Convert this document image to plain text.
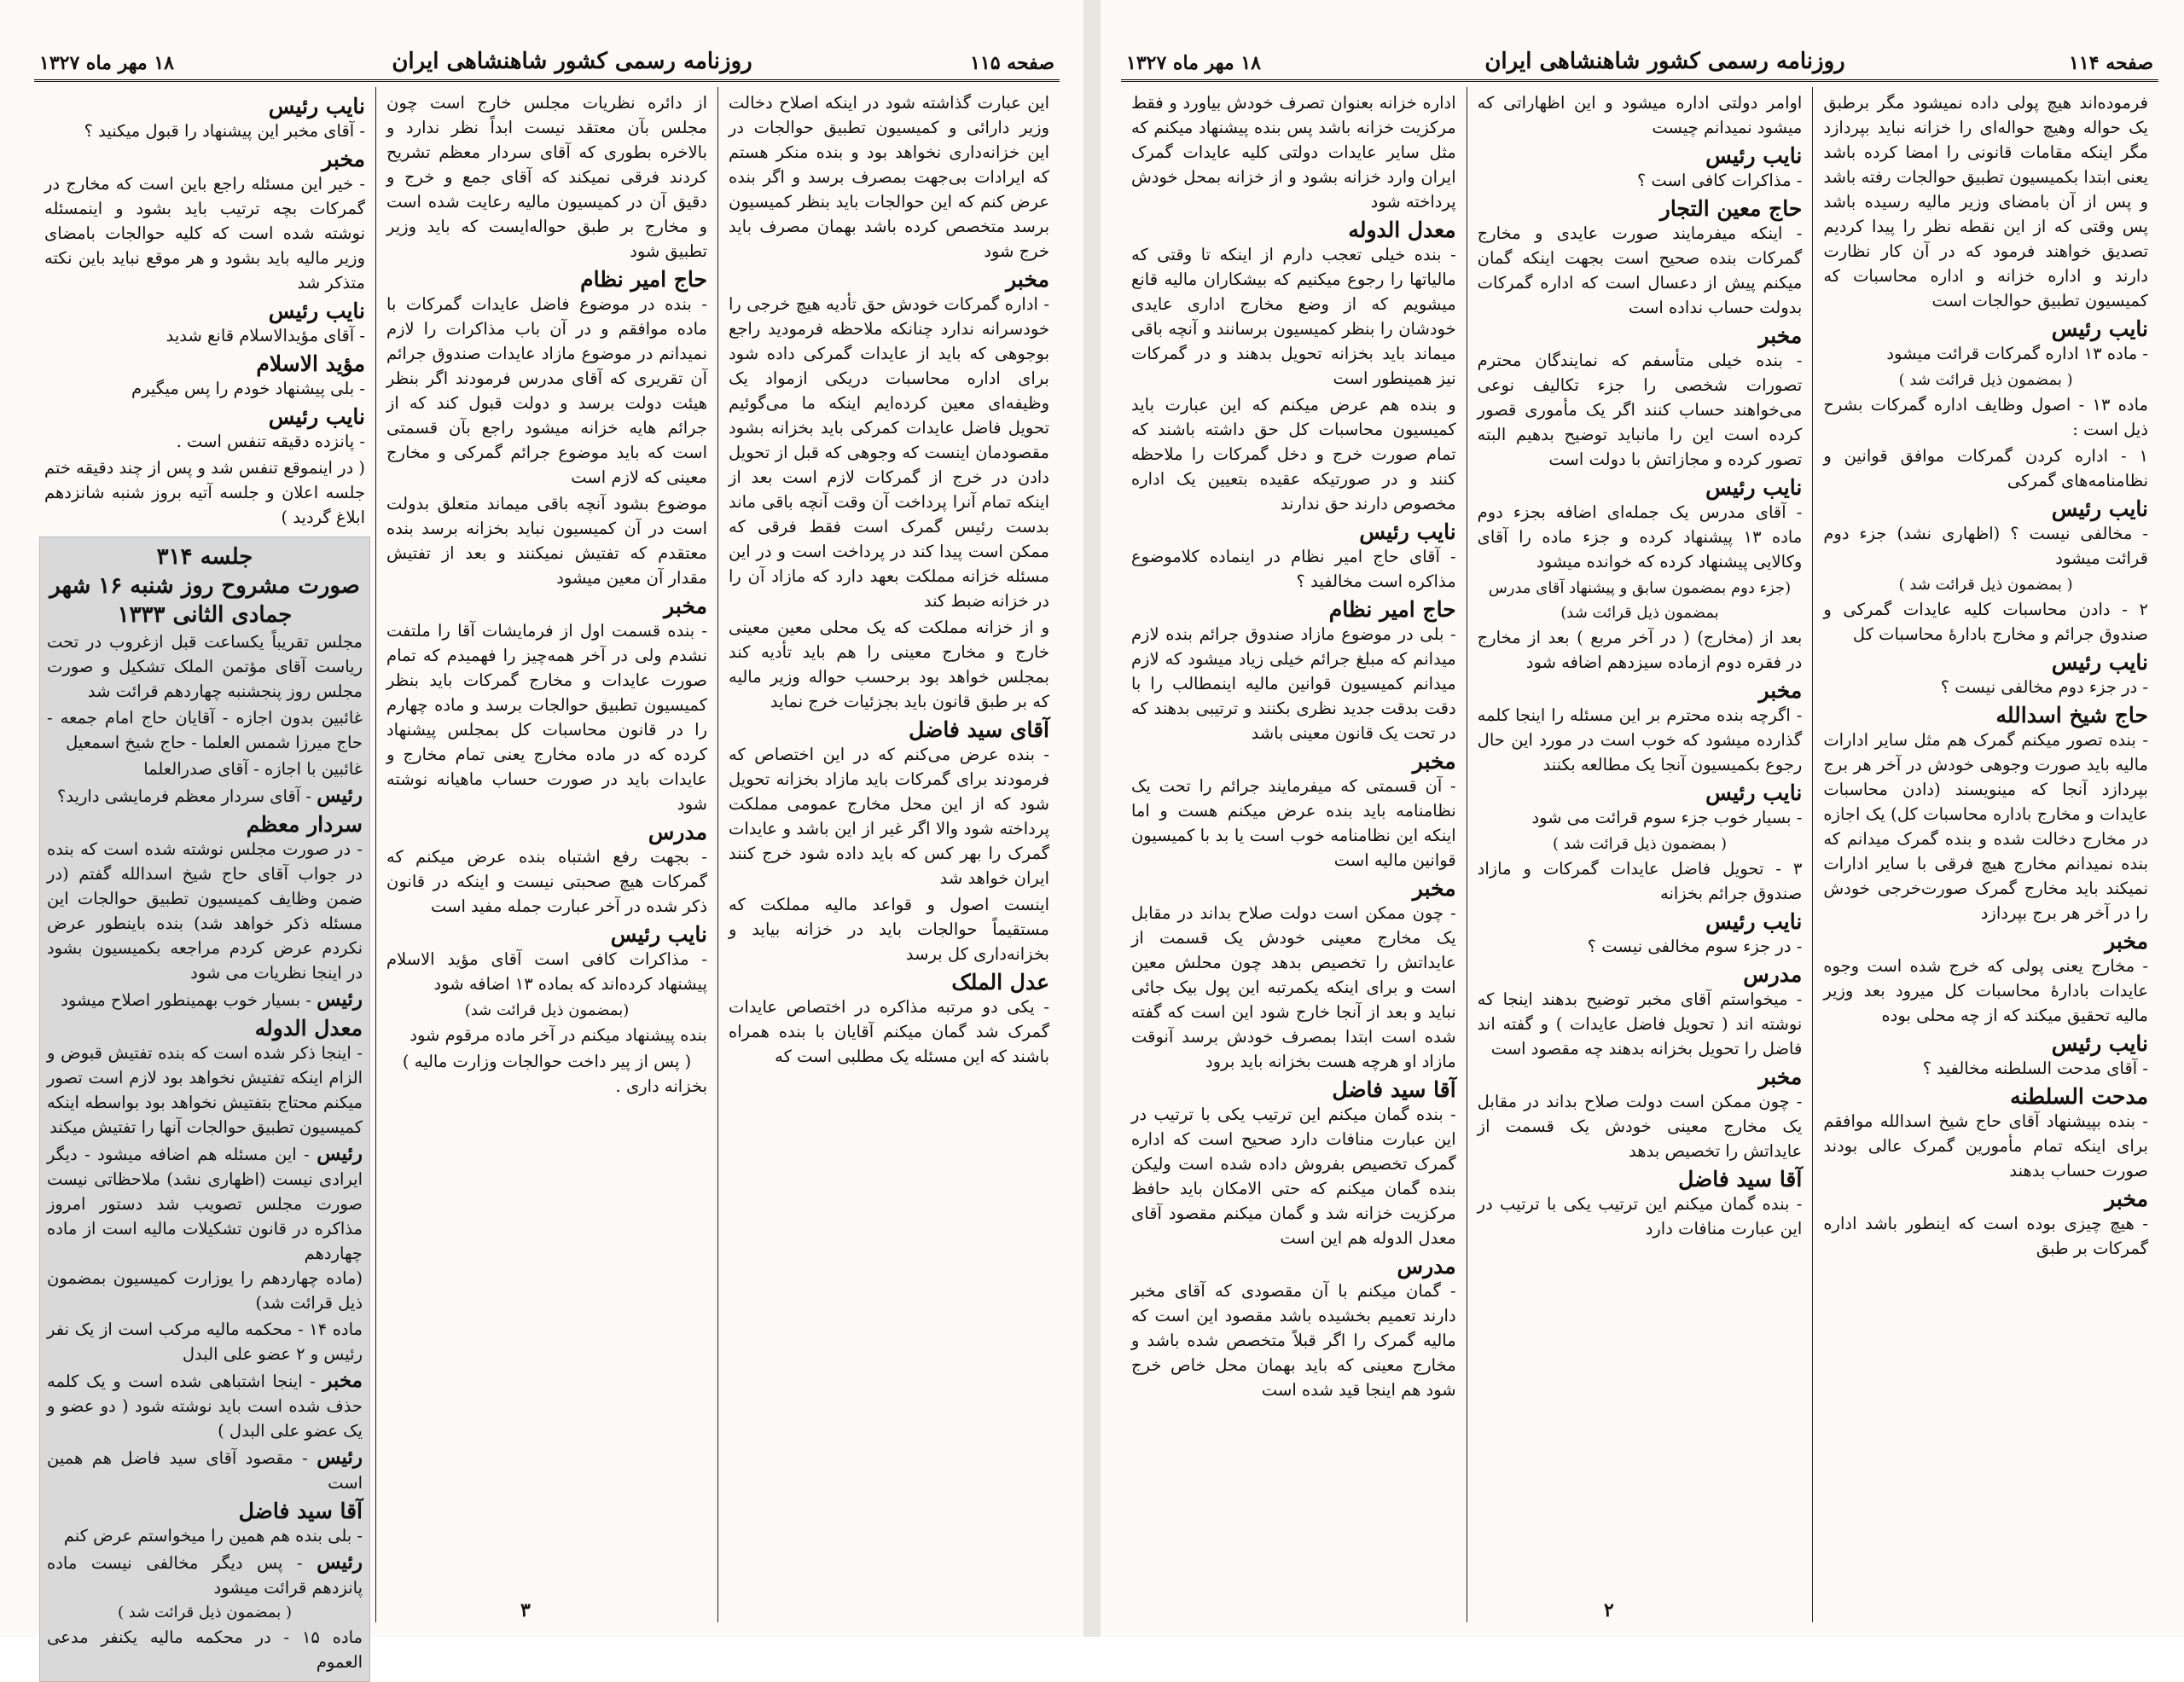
صفحه ۱۱۵
روزنامه رسمی کشور شاهنشاهی ایران
۱۸ مهر ماه ۱۳۲۷

این عبارت گذاشته شود در اینکه اصلاح دخالت وزیر دارائی و کمیسیون تطبیق حوالجات در این خزانه‌داری نخواهد بود و بنده منکر هستم که ایرادات بی‌جهت بمصرف برسد و اگر بنده عرض کنم که این حوالجات باید بنظر کمیسیون برسد متخصص کرده باشد بهمان مصرف باید خرج شود

مخبر

- اداره گمرکات خودش حق تأدیه هیچ خرجی را خودسرانه ندارد چنانکه ملاحظه فرمودید راجع بوجوهی که باید از عایدات گمرکی داده شود برای اداره محاسبات دریکی ازمواد یک وظیفه‌ای معین کرده‌ایم اینکه ما می‌گوئیم تحویل فاضل عایدات کمرکی باید بخزانه بشود مقصودمان اینست که وجوهی که قبل از تحویل دادن در خرج از گمرکات لازم است بعد از اینکه تمام آنرا پرداخت آن‌ وقت آنچه باقی ماند بدست رئیس گمرک است فقط فرقی که ممکن است پیدا کند در پرداخت است و در این مسئله خزانه مملکت بعهد دارد که مازاد آن را در خزانه ضبط کند

و از خزانه مملکت که یک محلی معین معینی خارج و مخارج معینی را هم باید تأدیه کند بمجلس خواهد بود برحسب حواله وزیر مالیه که بر طبق قانون باید بجزئیات خرج نماید

آقای سید فاضل

- بنده عرض می‌کنم که در این اختصاص که فرمودند برای گمرکات باید مازاد بخزانه تحویل شود که از این محل مخارج عمومی مملکت پرداخته شود والا اگر غیر از این باشد و عایدات گمرک را بهر کس که باید داده شود خرج کنند ایران خواهد شد

اینست اصول و قواعد مالیه مملکت که مستقیماً حوالجات باید در خزانه بیاید و بخزانه‌داری کل برسد

عدل الملک

- یکی دو مرتبه مذاکره در اختصاص عایدات گمرک شد گمان میکنم آقایان با بنده همراه باشند که این مسئله یک مطلبی است که

از دائره نظریات مجلس خارج است چون مجلس بآن معتقد نیست ابداً نظر ندارد و بالاخره بطوری که آقای سردار معظم تشریح کردند فرقی نمیکند که آقای جمع و خرج و دقیق آن در کمیسیون مالیه رعایت شده است و مخارج بر طبق حواله‌ایست که باید وزیر تطبیق شود

حاج امیر نظام

- بنده در موضوع فاضل عایدات گمرکات با ماده موافقم و در آن باب مذاکرات را لازم نمیدانم در موضوع مازاد عایدات صندوق جرائم آن تقریری که آقای مدرس فرمودند اگر بنظر هیئت دولت برسد و دولت قبول کند که از جرائم هایه خزانه میشود راجع بآن قسمتی است که باید موضوع جرائم گمرکی و مخارج معینی که لازم است

موضوع بشود آنچه باقی میماند متعلق بدولت است در آن کمیسیون نباید بخزانه برسد بنده معتقدم که تفتیش نمیکنند و بعد از تفتیش مقدار آن معین میشود

مخبر

- بنده قسمت اول از فرمایشات آقا را ملتفت نشدم ولی در آخر همه‌چیز را فهمیدم که تمام صورت عایدات و مخارج گمرکات باید بنظر کمیسیون تطبیق حوالجات برسد و ماده چهارم را در قانون محاسبات کل بمجلس پیشنهاد کرده که در ماده مخارج یعنی تمام مخارج و عایدات باید در صورت حساب ماهیانه نوشته شود

مدرس

- بجهت رفع اشتباه بنده عرض میکنم که گمرکات هیچ صحبتی نیست و اینکه در قانون ذکر شده در آخر عبارت جمله مفید است

نایب رئیس

- مذاکرات کافی است آقای مؤید الاسلام پیشنهاد کرده‌اند که بماده ۱۳ اضافه شود

(بمضمون ذیل قرائت شد)

بنده پیشنهاد میکنم در آخر ماده مرقوم شود

( پس از پیر داخت حوالجات وزارت مالیه )

بخزانه داری .

نایب رئیس

- آقای مخبر این پیشنهاد را قبول میکنید ؟

مخبر

- خیر این مسئله راجع باین است که مخارج در گمرکات بچه ترتیب باید بشود و اینمسئله نوشته شده است که کلیه حوالجات بامضای وزیر مالیه باید بشود و هر موقع نباید باین نکته متذکر شد

نایب رئیس

- آقای مؤیدالاسلام قانع شدید

مؤید الاسلام

- بلی پیشنهاد خودم را پس میگیرم

نایب رئیس

- پانزده دقیقه تنفس است .

( در اینموقع تنفس شد و پس از چند دقیقه ختم جلسه اعلان و جلسه آتیه بروز شنبه شانزدهم ابلاغ گردید )

جلسه ۳۱۴
صورت مشروح روز شنبه ۱۶ شهر جمادی الثانی ۱۳۳۳

مجلس تقریباً یکساعت قبل ازغروب در تحت ریاست آقای مؤتمن الملک تشکیل و صورت مجلس روز پنجشنبه چهاردهم قرائت شد

غائبین بدون اجازه - آقایان حاج امام جمعه - حاج میرزا شمس العلما - حاج شیخ اسمعیل

غائبین با اجازه - آقای صدرالعلما

رئیس - آقای سردار معظم فرمایشی دارید؟
سردار معظم

- در صورت مجلس نوشته شده است که بنده در جواب آقای حاج شیخ اسدالله گفتم (در ضمن وظایف کمیسیون تطبیق حوالجات این مسئله ذکر خواهد شد) بنده باینطور عرض نکردم عرض کردم مراجعه بکمیسیون بشود در اینجا نظریات می شود

رئیس - بسیار خوب بهمینطور اصلاح میشود
معدل الدوله

- اینجا ذکر شده است که بنده تفتیش قبوض و الزام اینکه تفتیش نخواهد بود لازم است تصور میکنم محتاج بتفتیش نخواهد بود بواسطه اینکه کمیسیون تطبیق حوالجات آنها را تفتیش میکند

رئیس - این مسئله هم اضافه میشود - دیگر ایرادی نیست (اظهاری نشد) ملاحظاتی نیست صورت مجلس تصویب شد دستور امروز مذاکره در قانون تشکیلات مالیه است از ماده چهاردهم

(ماده چهاردهم را یوزارت کمیسیون بمضمون ذیل قرائت شد)

ماده ۱۴ - محکمه مالیه مرکب است از یک نفر رئیس و ۲ عضو علی البدل

مخبر - اینجا اشتباهی شده است و یک کلمه حذف شده است باید نوشته شود ( دو عضو و یک عضو علی البدل )

رئیس - مقصود آقای سید فاضل هم همین است
آقا سید فاضل

- بلی بنده هم همین را میخواستم عرض کنم

رئیس - پس دیگر مخالفی نیست ماده پانزدهم قرائت میشود
( بمضمون ذیل قرائت شد )

ماده ۱۵ - در محکمه مالیه یکنفر مدعی العموم

۳
صفحه ۱۱۴
روزنامه رسمی کشور شاهنشاهی ایران
۱۸ مهر ماه ۱۳۲۷

فرموده‌اند هیچ پولی داده نمیشود مگر برطبق یک حواله وهیچ حواله‌ای را خزانه نباید بپردازد مگر اینکه مقامات قانونی را امضا کرده باشد یعنی ابتدا بکمیسیون تطبیق حوالجات رفته باشد و پس از آن بامضای وزیر مالیه رسیده باشد پس وقتی که از این نقطه نظر را پیدا کردیم تصدیق خواهند فرمود که در آن کار نظارت دارند و اداره خزانه و اداره محاسبات که کمیسیون تطبیق حوالجات است

نایب رئیس

- ماده ۱۳ اداره گمرکات قرائت میشود

( بمضمون ذیل قرائت شد )

ماده ۱۳ - اصول وظایف اداره گمرکات بشرح ذیل است :

۱ - اداره کردن گمرکات موافق قوانین و نظامنامه‌های گمرکی

نایب رئیس

- مخالفی نیست ؟ (اظهاری نشد) جزء دوم قرائت میشود

( بمضمون ذیل قرائت شد )

۲ - دادن محاسبات کلیه عایدات گمرکی و صندوق جرائم و مخارج بادارهٔ محاسبات کل

نایب رئیس

- در جزء دوم مخالفی نیست ؟

حاج شیخ اسدالله

- بنده تصور میکنم گمرک هم مثل سایر ادارات مالیه باید صورت وجوهی خودش در آخر هر برج بپردازد آنجا که مینویسند (دادن محاسبات عایدات و مخارج باداره محاسبات کل) یک اجازه در مخارج دخالت شده و بنده گمرک میدانم که بنده نمیدانم مخارج هیچ فرقی با سایر ادارات نمیکند باید مخارج گمرک صورت‌خرجی خودش را در آخر هر برج بپردازد

مخبر

- مخارج یعنی پولی که خرج شده است وجوه عایدات بادارهٔ محاسبات کل میرود بعد وزیر مالیه تحقیق میکند که از چه محلی بوده

نایب رئیس

- آقای مدحت السلطنه مخالفید ؟

مدحت السلطنه

- بنده بپیشنهاد آقای حاج شیخ اسدالله موافقم برای اینکه تمام مأمورین گمرک عالی بودند صورت حساب بدهند

مخبر

- هیچ چیزی بوده است که اینطور باشد اداره گمرکات بر طبق

اوامر دولتی اداره میشود و این اظهاراتی که میشود نمیدانم چیست

نایب رئیس

- مذاکرات کافی است ؟

حاج معین التجار

- اینکه میفرمایند صورت عایدی و مخارج گمرکات بنده صحیح است بجهت اینکه گمان میکنم پیش از دعسال است که اداره گمرکات بدولت حساب نداده است

مخبر

- بنده خیلی متأسفم که نمایندگان محترم تصورات شخصی را جزء تکالیف نوعی می‌خواهند حساب کنند اگر یک مأموری قصور کرده است این را مانباید توضیح بدهیم البته تصور کرده و مجازاتش با دولت است

نایب رئیس

- آقای مدرس یک جمله‌ای اضافه بجزء دوم ماده ۱۳ پیشنهاد کرده و جزء ماده را آقای وکالایی پیشنهاد کرده که خوانده میشود

(جزء دوم بمضمون سابق و پیشنهاد آقای مدرس بمضمون ذیل قرائت شد)

بعد از (مخارج) ( در آخر مربع ) بعد از مخارج در فقره دوم ازماده سیزدهم اضافه شود

مخبر

- اگرچه بنده محترم بر این مسئله را اینجا کلمه گذارده میشود که خوب است در مورد این حال رجوع بکمیسیون آنجا یک مطالعه بکنند

نایب رئیس

- بسیار خوب جزء سوم قرائت می شود

( بمضمون ذیل قرائت شد )

۳ - تحویل فاضل عایدات گمرکات و مازاد صندوق جرائم بخزانه

نایب رئیس

- در جزء سوم مخالفی نیست ؟

مدرس

- میخواستم آقای مخبر توضیح بدهند اینجا که نوشته اند ( تحویل فاضل عایدات ) و گفته اند فاضل را تحویل بخزانه بدهند چه مقصود است

مخبر

- چون ممکن است دولت صلاح بداند در مقابل یک مخارج معینی خودش یک قسمت از عایداتش را تخصیص بدهد

آقا سید فاضل

- بنده گمان میکنم این ترتیب یکی با ترتیب در این عبارت منافات دارد

اداره خزانه بعنوان تصرف خودش بیاورد و فقط مرکزیت خزانه باشد پس بنده پیشنهاد میکنم که مثل سایر عایدات دولتی کلیه عایدات گمرک ایران وارد خزانه بشود و از خزانه بمحل خودش پرداخته شود

معدل الدوله

- بنده خیلی تعجب دارم از اینکه تا وقتی که مالیاتها را رجوع میکنیم که بیشکاران مالیه قانع میشویم که از وضع مخارج اداری عایدی خودشان را بنظر کمیسیون برسانند و آنچه باقی میماند باید بخزانه تحویل بدهند و در گمرکات نیز همینطور است

و بنده هم عرض میکنم که این عبارت باید کمیسیون محاسبات کل حق داشته باشند که تمام صورت خرج و دخل گمرکات را ملاحظه کنند و در صورتیکه عقیده بتعیین یک اداره مخصوص دارند حق ندارند

نایب رئیس

- آقای حاج امیر نظام در اینماده کلاموضوع مذاکره است مخالفید ؟

حاج امیر نظام

- بلی در موضوع مازاد صندوق جرائم بنده لازم میدانم که مبلغ جرائم خیلی زیاد میشود که لازم میدانم کمیسیون قوانین مالیه اینمطالب را با دقت بدقت جدید نظری بکنند و ترتیبی بدهند که در تحت یک قانون معینی باشد

مخبر

- آن قسمتی که میفرمایند جرائم را تحت یک نظامنامه باید بنده عرض میکنم هست و اما اینکه این نظامنامه خوب است یا بد با کمیسیون قوانین مالیه است

مخبر

- چون ممکن است دولت صلاح بداند در مقابل یک مخارج معینی خودش یک قسمت از عایداتش را تخصیص بدهد چون محلش معین است و برای اینکه یکمرتبه این پول بیک جائی نباید و بعد از آنجا خارج شود این است که گفته شده است ابتدا بمصرف خودش برسد آنوقت مازاد او هرچه هست بخزانه باید برود

آقا سید فاضل

- بنده گمان میکنم این ترتیب یکی با ترتیب در این عبارت منافات دارد صحیح است که اداره گمرک تخصیص بفروش داده شده است ولیکن بنده گمان میکنم که حتی الامکان باید حافظ مرکزیت خزانه شد و گمان میکنم مقصود آقای معدل الدوله هم این است

مدرس

- گمان میکنم با آن مقصودی که آقای مخبر دارند تعمیم بخشیده باشد مقصود این است که مالیه گمرک را اگر قبلاً متخصص شده باشد و مخارج معینی که باید بهمان محل خاص خرج شود هم اینجا قید شده است

۲
